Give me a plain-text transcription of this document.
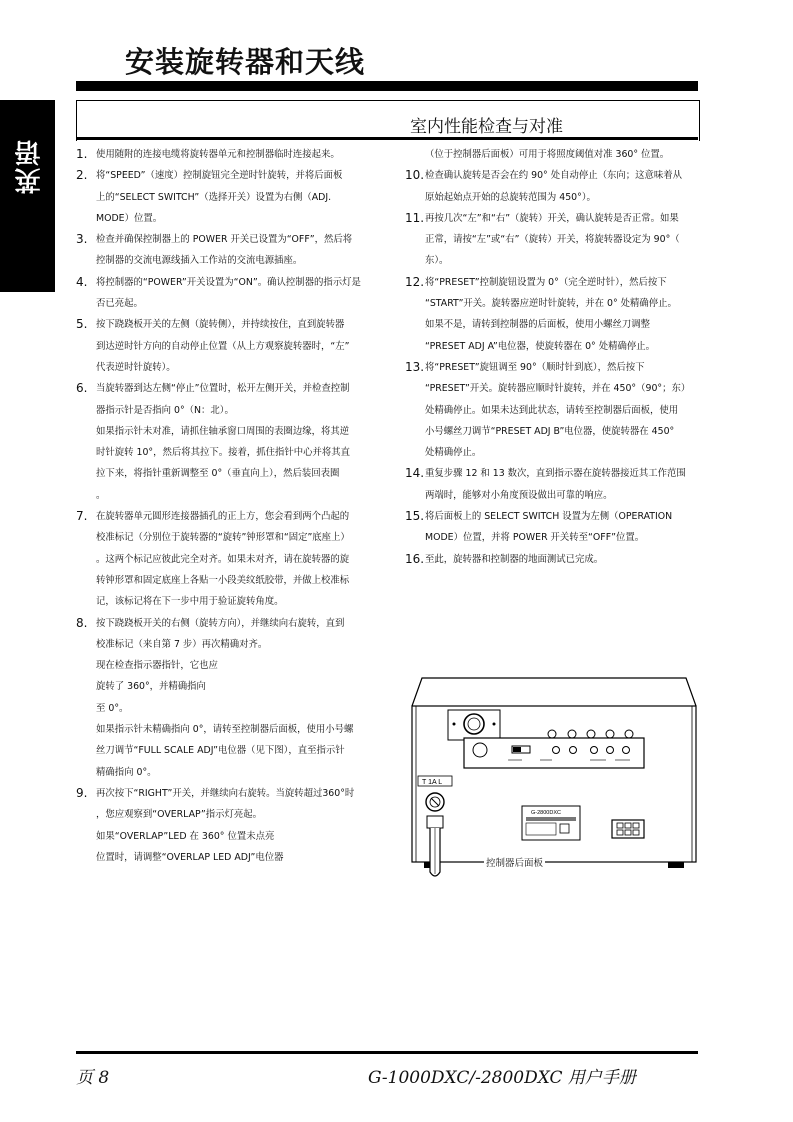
安装旋转器和天线
英语
室内性能检查与对准
1. 使用随附的连接电缆将旋转器单元和控制器临时连接起来。
2. 将“SPEED”（速度）控制旋钮完全逆时针旋转，并将后面板
上的“SELECT SWITCH”（选择开关）设置为右侧（ADJ.
MODE）位置。
3. 检查并确保控制器上的 POWER 开关已设置为“OFF”，然后将
控制器的交流电源线插入工作站的交流电源插座。
4. 将控制器的“POWER”开关设置为“ON”。确认控制器的指示灯是
否已亮起。
5. 按下跷跷板开关的左侧（旋转侧），并持续按住，直到旋转器
到达逆时针方向的自动停止位置（从上方观察旋转器时，“左”
代表逆时针旋转）。
6. 当旋转器到达左侧“停止”位置时，松开左侧开关，并检查控制
器指示针是否指向 0°（N：北）。
如果指示针未对准，请抓住轴承窗口周围的表圈边缘，将其逆
时针旋转 10°，然后将其拉下。接着，抓住指针中心并将其直
拉下来，将指针重新调整至 0°（垂直向上），然后装回表圈
。
7. 在旋转器单元圆形连接器插孔的正上方，您会看到两个凸起的
校准标记（分别位于旋转器的“旋转”钟形罩和“固定”底座上）
。这两个标记应彼此完全对齐。如果未对齐，请在旋转器的旋
转钟形罩和固定底座上各贴一小段美纹纸胶带，并做上校准标
记，该标记将在下一步中用于验证旋转角度。
8. 按下跷跷板开关的右侧（旋转方向），并继续向右旋转，直到
校准标记（来自第 7 步）再次精确对齐。
现在检查指示器指针，它也应
旋转了 360°，并精确指向
至 0°。
如果指示针未精确指向 0°，请转至控制器后面板，使用小号螺
丝刀调节“FULL SCALE ADJ”电位器（见下图），直至指示针
精确指向 0°。
9. 再次按下“RIGHT”开关，并继续向右旋转。当旋转超过360°时
，您应观察到“OVERLAP”指示灯亮起。
如果“OVERLAP”LED 在 360° 位置未点亮
位置时，请调整“OVERLAP LED ADJ”电位器
（位于控制器后面板）可用于将照度阈值对准 360° 位置。
10. 检查确认旋转是否会在约 90° 处自动停止（东向；这意味着从
原始起始点开始的总旋转范围为 450°）。
11. 再按几次“左”和“右”（旋转）开关，确认旋转是否正常。如果
正常，请按“左”或“右”（旋转）开关，将旋转器设定为 90°（
东）。
12. 将“PRESET”控制旋钮设置为 0°（完全逆时针），然后按下
“START”开关。旋转器应逆时针旋转，并在 0° 处精确停止。
如果不是，请转到控制器的后面板，使用小螺丝刀调整
“PRESET ADJ A”电位器，使旋转器在 0° 处精确停止。
13. 将“PRESET”旋钮调至 90°（顺时针到底），然后按下
“PRESET”开关。旋转器应顺时针旋转，并在 450°（90°；东）
处精确停止。如果未达到此状态，请转至控制器后面板，使用
小号螺丝刀调节“PRESET ADJ B”电位器，使旋转器在 450°
处精确停止。
14. 重复步骤 12 和 13 数次，直到指示器在旋转器接近其工作范围
两端时，能够对小角度预设做出可靠的响应。
15. 将后面板上的 SELECT SWITCH 设置为左侧（OPERATION
MODE）位置，并将 POWER 开关转至“OFF”位置。
16. 至此，旋转器和控制器的地面测试已完成。
T 1A L
G-2800DXC
控制器后面板
页 8	G-1000DXC/-2800DXC 用户手册
